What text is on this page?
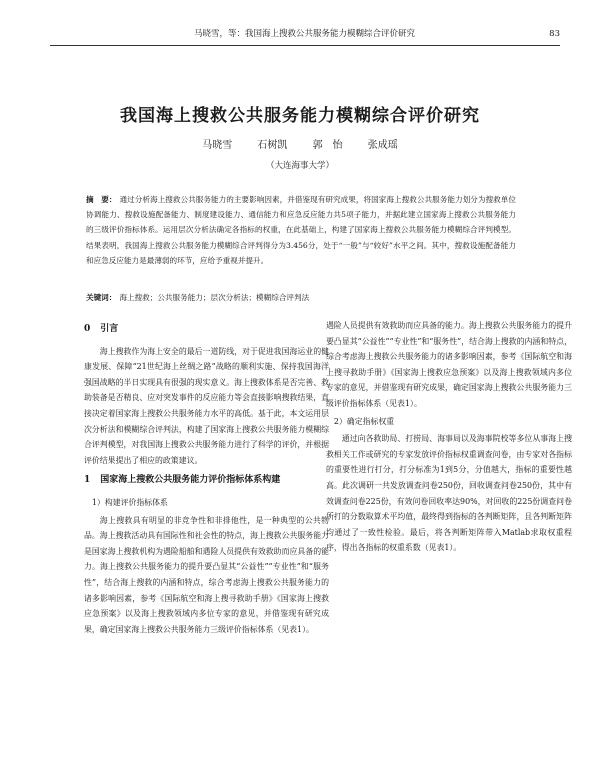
马晓雪，等：我国海上搜救公共服务能力模糊综合评价研究	83
我国海上搜救公共服务能力模糊综合评价研究
马晓雪	石树凯	郭　怡	张成瑶
（大连海事大学）
摘　要： 通过分析海上搜救公共服务能力的主要影响因素，并借鉴现有研究成果，将国家海上搜救公共服务能力划分为搜救单位协调能力、搜救设施配备能力、制度建设能力、通信能力和应急反应能力共5项子能力，并据此建立国家海上搜救公共服务能力的三级评价指标体系。运用层次分析法确定各指标的权重，在此基础上，构建了国家海上搜救公共服务能力模糊综合评判模型。结果表明，我国海上搜救公共服务能力模糊综合评判得分为3.456分，处于“一般”与“较好”水平之间。其中，搜救设施配备能力和应急反应能力是最薄弱的环节，应给予重视并提升。
关键词： 海上搜救；公共服务能力；层次分析法；模糊综合评判法
0 引言

海上搜救作为海上安全的最后一道防线，对于促进我国海运业的健康发展、保障“21世纪海上丝绸之路”战略的顺利实施、保持我国海洋强国战略的半日实现具有很强的现实意义。海上搜救体系是否完善、救助装备是否精良、应对突发事件的反应能力等会直接影响搜救结果，直接决定着国家海上搜救公共服务能力水平的高低。基于此，本文运用层次分析法和模糊综合评判法，构建了国家海上搜救公共服务能力模糊综合评判模型，对我国海上搜救公共服务能力进行了科学的评价，并根据评价结果提出了相应的政策建议。

1 国家海上搜救公共服务能力评价指标体系构建
1）构建评价指标体系

海上搜救具有明显的非竞争性和非排他性，是一种典型的公共物品。海上搜救活动具有国际性和社会性的特点，海上搜救公共服务能力是国家海上搜救机构为遇险船舶和遇险人员提供有效救助而应具备的能力。海上搜救公共服务能力的提升要凸显其“公益性”“专业性”和“服务性”，结合海上搜救的内涵和特点，综合考虑海上搜救公共服务能力的诸多影响因素，参考《国际航空和海上搜寻救助手册》《国家海上搜救应急预案》以及海上搜救领域内多位专家的意见，并借鉴现有研究成果，确定国家海上搜救公共服务能力三级评价指标体系（见表1）。

遇险人员提供有效救助而应具备的能力。海上搜救公共服务能力的提升要凸显其“公益性”“专业性”和“服务性”，结合海上搜救的内涵和特点，综合考虑海上搜救公共服务能力的诸多影响因素，参考《国际航空和海上搜寻救助手册》《国家海上搜救应急预案》以及海上搜救领域内多位专家的意见，并借鉴现有研究成果，确定国家海上搜救公共服务能力三级评价指标体系（见表1）。
2）确定指标权重

通过向各救助局、打捞局、海事局以及海事院校等多位从事海上搜救相关工作或研究的专家发放评价指标权重调查问卷，由专家对各指标的重要性进行打分，打分标准为1到5分，分值越大，指标的重要性越高。此次调研一共发放调查问卷250份，回收调查问卷250份，其中有效调查问卷225份，有效问卷回收率达90%，对回收的225份调查问卷所打的分数取算术平均值，最终得到指标的各判断矩阵，且各判断矩阵均通过了一致性检验。最后，将各判断矩阵带入Matlab求取权重程序，得出各指标的权重系数（见表1）。
